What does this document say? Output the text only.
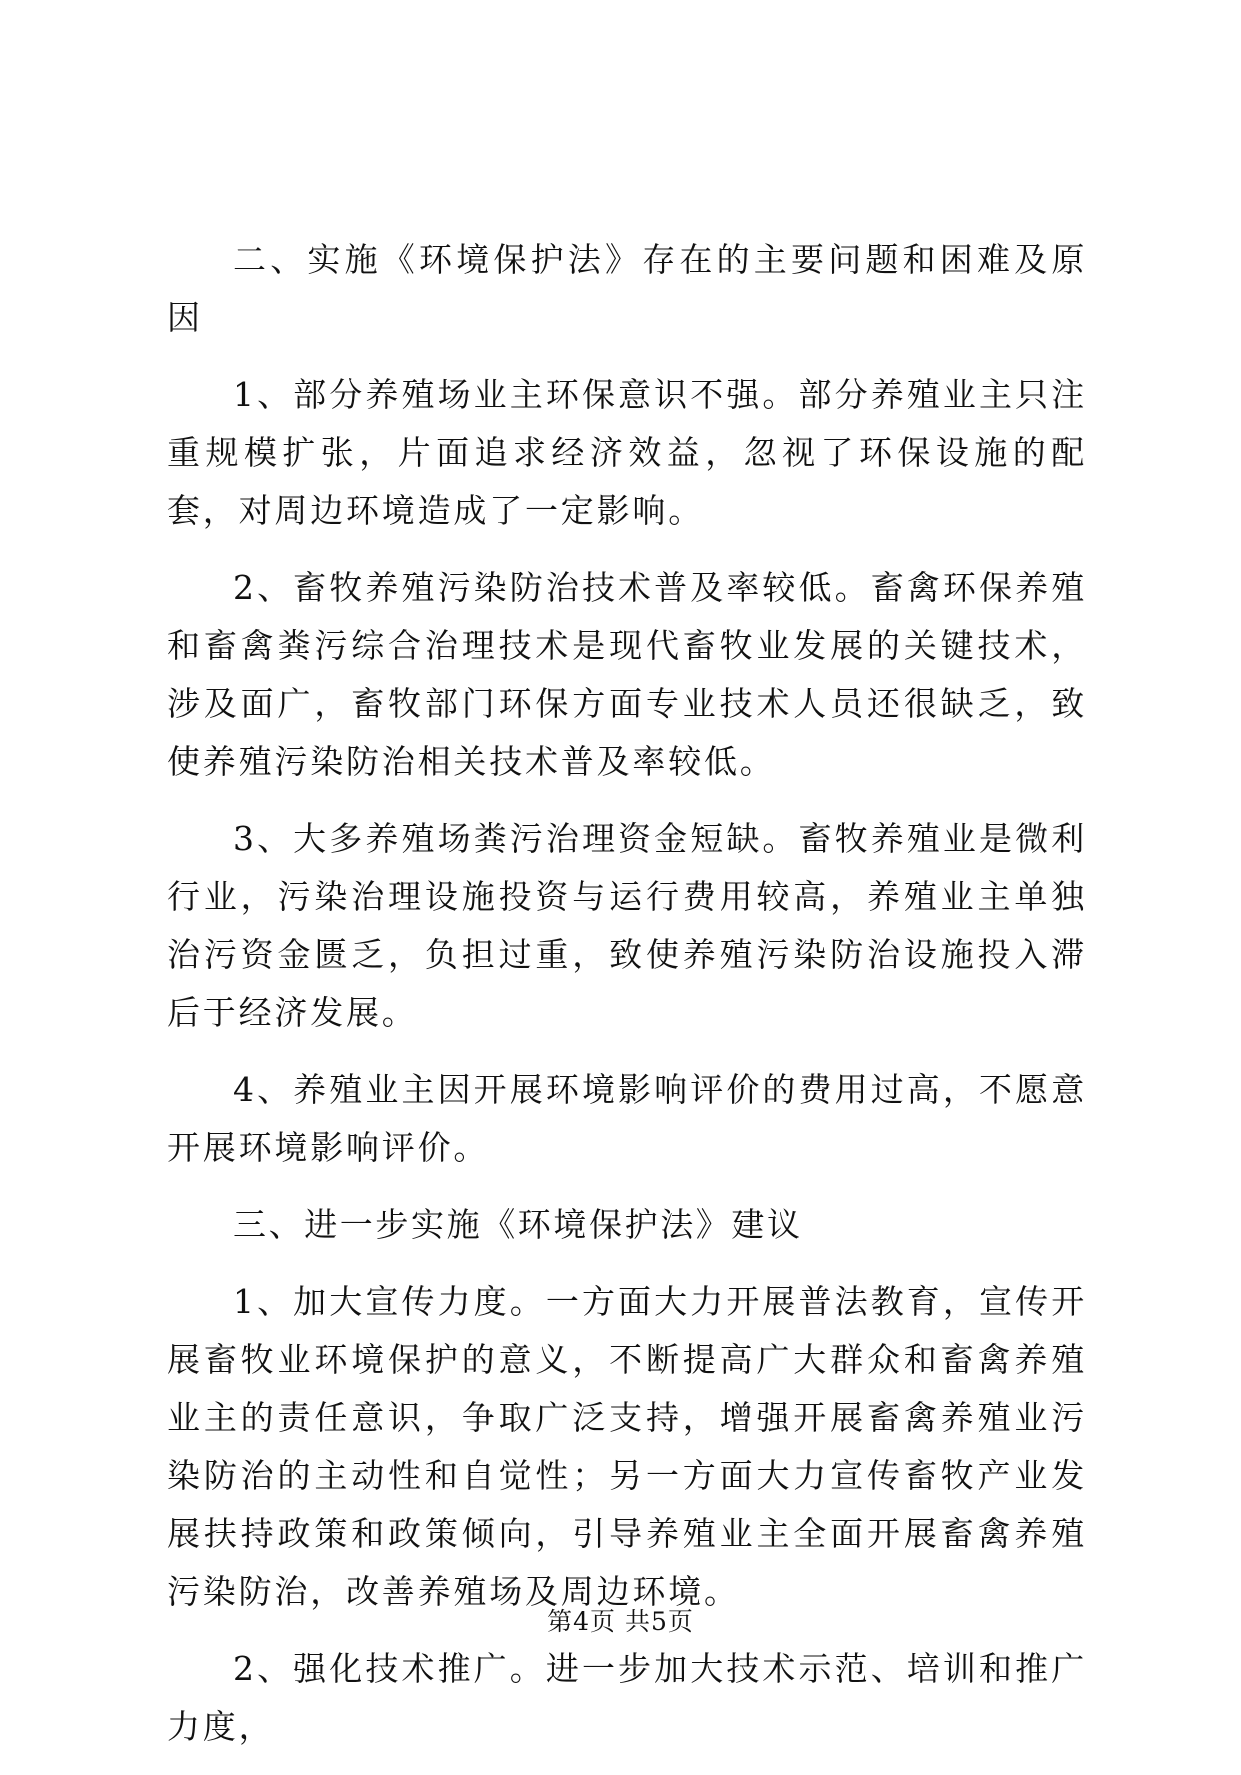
二、实施《环境保护法》存在的主要问题和困难及原因

1、部分养殖场业主环保意识不强。部分养殖业主只注重规模扩张，片面追求经济效益，忽视了环保设施的配套，对周边环境造成了一定影响。

2、畜牧养殖污染防治技术普及率较低。畜禽环保养殖和畜禽粪污综合治理技术是现代畜牧业发展的关键技术，涉及面广，畜牧部门环保方面专业技术人员还很缺乏，致使养殖污染防治相关技术普及率较低。

3、大多养殖场粪污治理资金短缺。畜牧养殖业是微利行业，污染治理设施投资与运行费用较高，养殖业主单独治污资金匮乏，负担过重，致使养殖污染防治设施投入滞后于经济发展。

4、养殖业主因开展环境影响评价的费用过高，不愿意开展环境影响评价。

三、进一步实施《环境保护法》建议

1、加大宣传力度。一方面大力开展普法教育，宣传开展畜牧业环境保护的意义，不断提高广大群众和畜禽养殖业主的责任意识，争取广泛支持，增强开展畜禽养殖业污染防治的主动性和自觉性；另一方面大力宣传畜牧产业发展扶持政策和政策倾向，引导养殖业主全面开展畜禽养殖污染防治，改善养殖场及周边环境。

2、强化技术推广。进一步加大技术示范、培训和推广力度，

第4页 共5页
